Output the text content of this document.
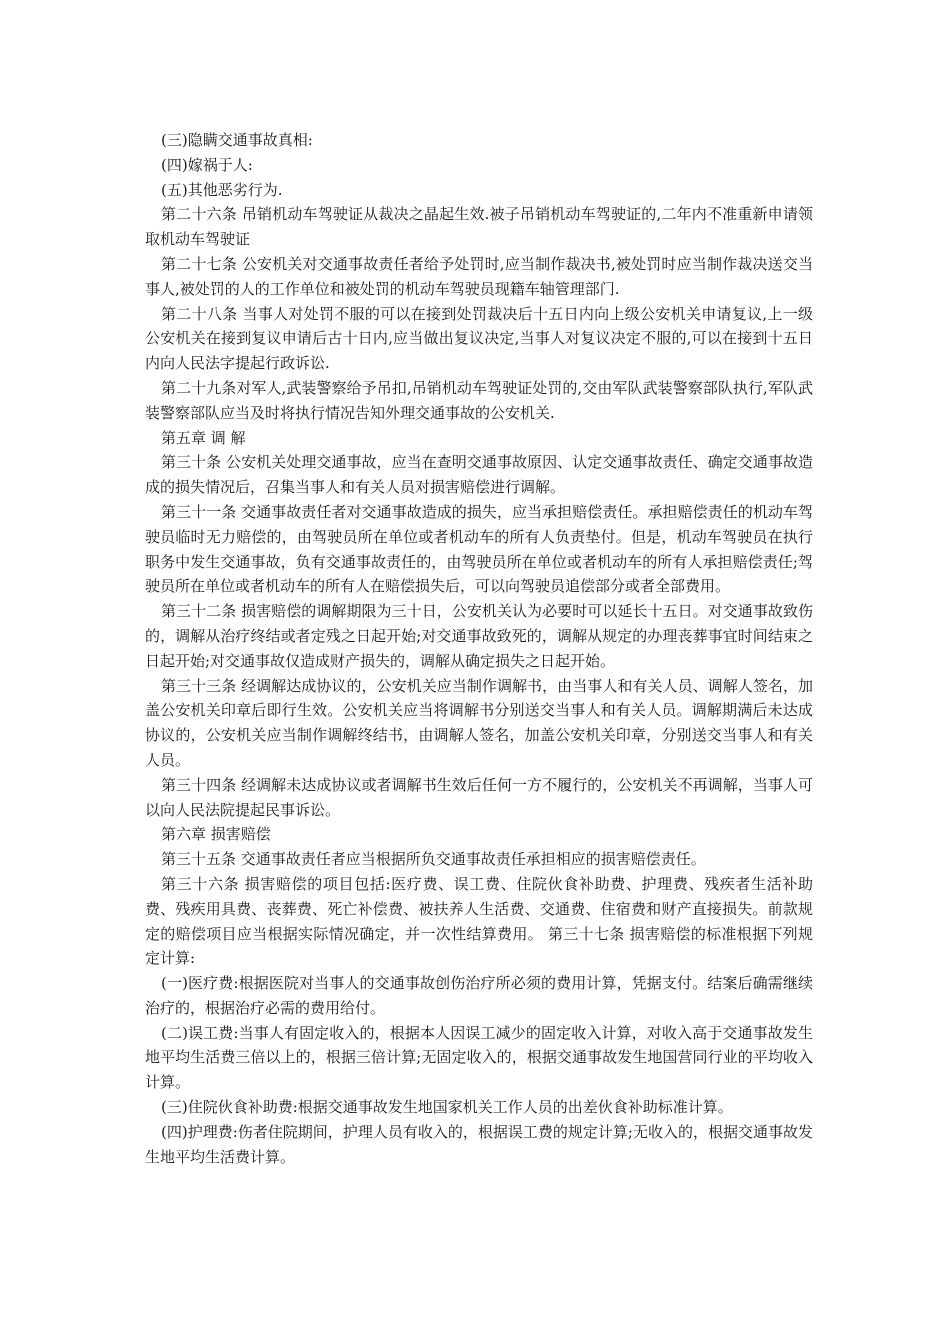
(三)隐瞒交通事故真相:

(四)嫁祸于人:

(五)其他恶劣行为.

第二十六条 吊销机动车驾驶证从裁决之晶起生效.被子吊销机动车驾驶证的,二年内不准重新申请领取机动车驾驶证

第二十七条 公安机关对交通事故责任者给予处罚时,应当制作裁决书,被处罚时应当制作裁决送交当事人,被处罚的人的工作单位和被处罚的机动车驾驶员现籍车轴管理部门.

第二十八条 当事人对处罚不服的可以在接到处罚裁决后十五日内向上级公安机关申请复议,上一级公安机关在接到复议申请后古十日内,应当做出复议决定,当事人对复议决定不服的,可以在接到十五日内向人民法字提起行政诉讼.

第二十九条对军人,武装警察给予吊扣,吊销机动车驾驶证处罚的,交由军队武装警察部队执行,军队武装警察部队应当及时将执行情况告知外理交通事故的公安机关.

第五章 调 解

第三十条 公安机关处理交通事故，应当在查明交通事故原因、认定交通事故责任、确定交通事故造成的损失情况后，召集当事人和有关人员对损害赔偿进行调解。

第三十一条 交通事故责任者对交通事故造成的损失，应当承担赔偿责任。承担赔偿责任的机动车驾驶员临时无力赔偿的，由驾驶员所在单位或者机动车的所有人负责垫付。但是，机动车驾驶员在执行职务中发生交通事故，负有交通事故责任的，由驾驶员所在单位或者机动车的所有人承担赔偿责任;驾驶员所在单位或者机动车的所有人在赔偿损失后，可以向驾驶员追偿部分或者全部费用。

第三十二条 损害赔偿的调解期限为三十日，公安机关认为必要时可以延长十五日。对交通事故致伤的，调解从治疗终结或者定残之日起开始;对交通事故致死的，调解从规定的办理丧葬事宜时间结束之日起开始;对交通事故仅造成财产损失的，调解从确定损失之日起开始。

第三十三条 经调解达成协议的，公安机关应当制作调解书，由当事人和有关人员、调解人签名，加盖公安机关印章后即行生效。公安机关应当将调解书分别送交当事人和有关人员。调解期满后未达成协议的，公安机关应当制作调解终结书，由调解人签名，加盖公安机关印章，分别送交当事人和有关人员。

第三十四条 经调解未达成协议或者调解书生效后任何一方不履行的，公安机关不再调解，当事人可以向人民法院提起民事诉讼。

第六章 损害赔偿

第三十五条 交通事故责任者应当根据所负交通事故责任承担相应的损害赔偿责任。

第三十六条 损害赔偿的项目包括:医疗费、误工费、住院伙食补助费、护理费、残疾者生活补助费、残疾用具费、丧葬费、死亡补偿费、被扶养人生活费、交通费、住宿费和财产直接损失。前款规定的赔偿项目应当根据实际情况确定，并一次性结算费用。 第三十七条 损害赔偿的标准根据下列规定计算:

(一)医疗费:根据医院对当事人的交通事故创伤治疗所必须的费用计算，凭据支付。结案后确需继续治疗的，根据治疗必需的费用给付。

(二)误工费:当事人有固定收入的，根据本人因误工减少的固定收入计算，对收入高于交通事故发生地平均生活费三倍以上的，根据三倍计算;无固定收入的，根据交通事故发生地国营同行业的平均收入计算。

(三)住院伙食补助费:根据交通事故发生地国家机关工作人员的出差伙食补助标准计算。

(四)护理费:伤者住院期间，护理人员有收入的，根据误工费的规定计算;无收入的，根据交通事故发生地平均生活费计算。
